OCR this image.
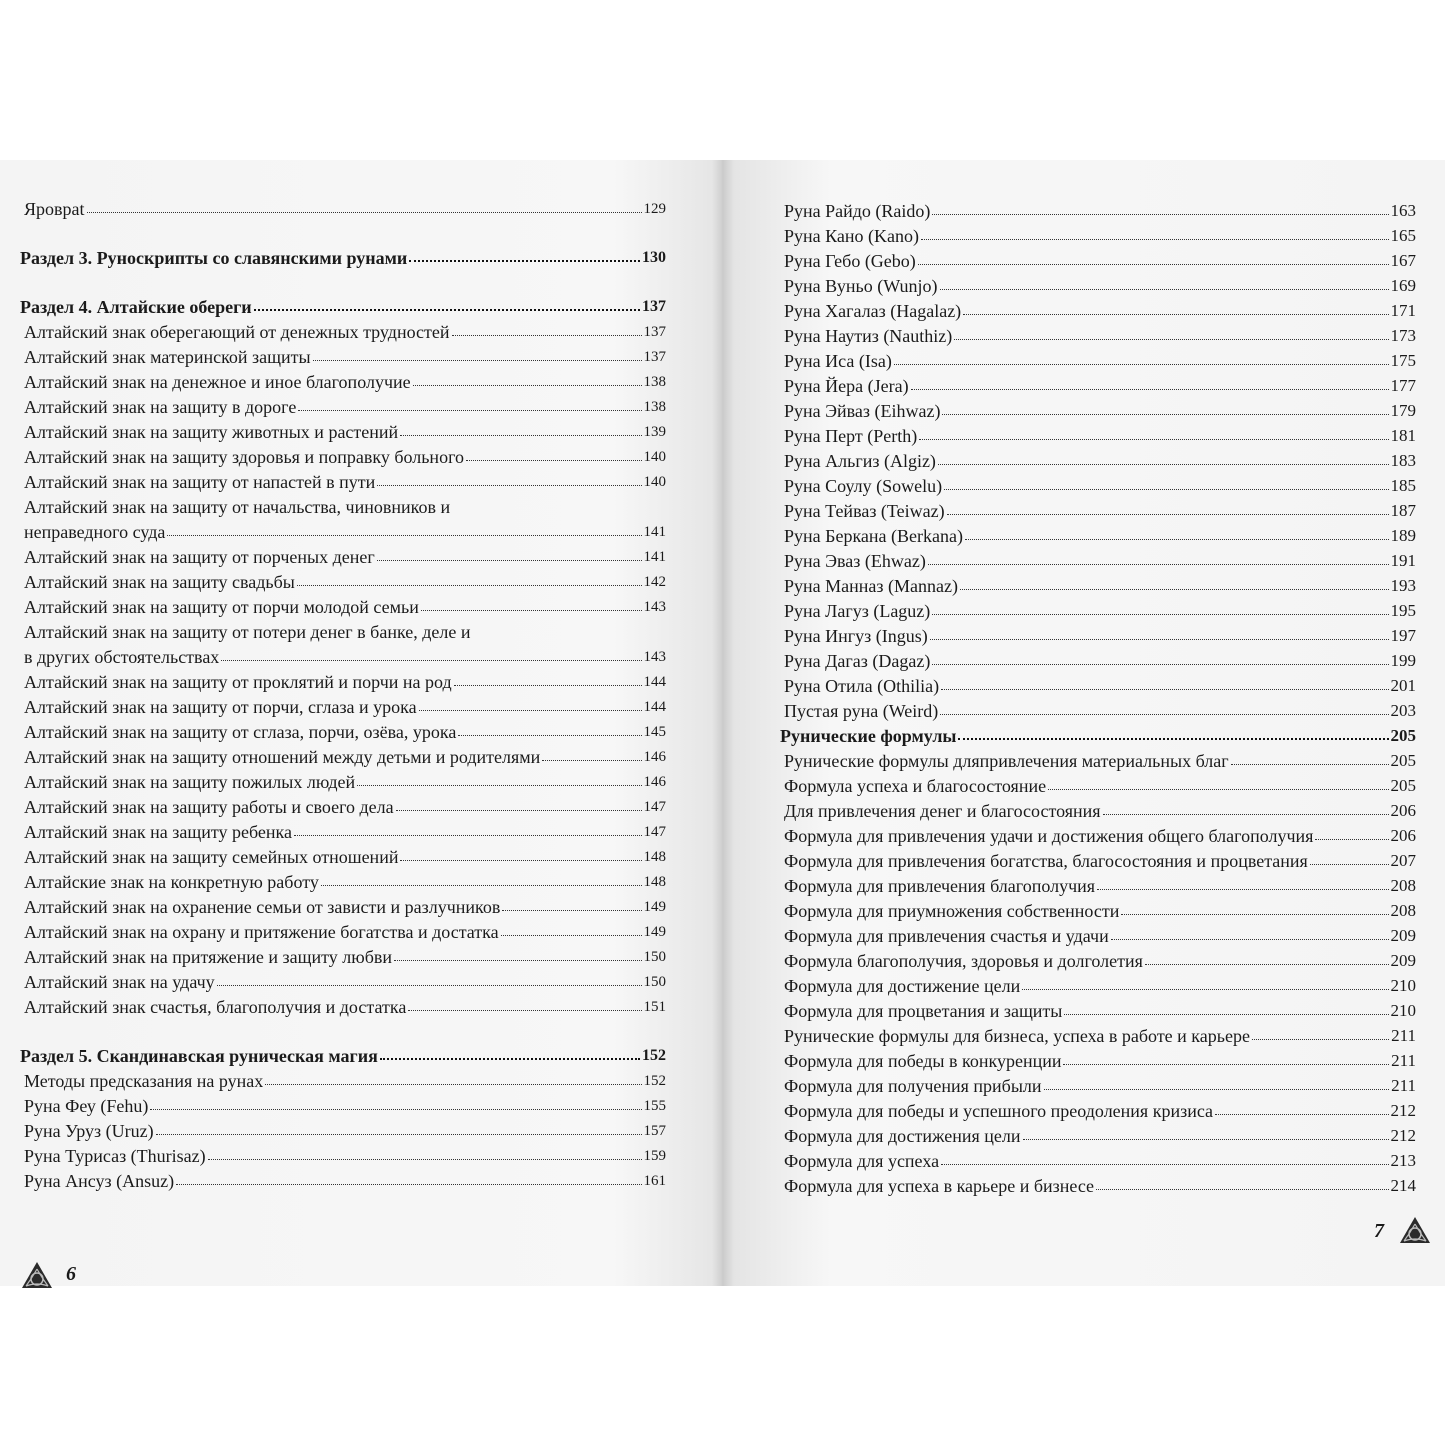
Яровраt	129
Раздел 3. Руноскрипты со славянскими рунами	130
Раздел 4. Алтайские обереги	137
Алтайский знак оберегающий от денежных трудностей	137
Алтайский знак материнской защиты	137
Алтайский знак на денежное и иное благополучие	138
Алтайский знак на защиту в дороге	138
Алтайский знак на защиту животных и растений	139
Алтайский знак на защиту здоровья и поправку больного	140
Алтайский знак на защиту от напастей в пути	140
Алтайский знак на защиту от начальства, чиновников и
неправедного суда	141
Алтайский знак на защиту от порченых денег	141
Алтайский знак на защиту свадьбы	142
Алтайский знак на защиту от порчи молодой семьи	143
Алтайский знак на защиту от потери денег в банке, деле и
в других обстоятельствах	143
Алтайский знак на защиту от проклятий и порчи на род	144
Алтайский знак на защиту от порчи, сглаза и урока	144
Алтайский знак на защиту от сглаза, порчи, озёва, урока	145
Алтайский знак на защиту отношений между детьми и родителями	146
Алтайский знак на защиту пожилых людей	146
Алтайский знак на защиту работы и своего дела	147
Алтайский знак на защиту ребенка	147
Алтайский знак на защиту семейных отношений	148
Алтайские знак на конкретную работу	148
Алтайский знак на охранение семьи от зависти и разлучников	149
Алтайский знак на охрану и притяжение богатства и достатка	149
Алтайский знак на притяжение и защиту любви	150
Алтайский знак на удачу	150
Алтайский знак счастья, благополучия и достатка	151
Раздел 5. Скандинавская руническая магия	152
Методы предсказания на рунах	152
Руна Феу (Fehu)	155
Руна Уруз (Uruz)	157
Руна Турисаз (Thurisaz)	159
Руна Ансуз (Ansuz)	161
6
Руна Райдо (Raido)	163
Руна Кано (Kano)	165
Руна Гебо (Gebo)	167
Руна Вуньо (Wunjo)	169
Руна Хагалаз (Hagalaz)	171
Руна Наутиз (Nauthiz)	173
Руна Иса (Isa)	175
Руна Йера (Jera)	177
Руна Эйваз (Eihwaz)	179
Руна Перт (Perth)	181
Руна Альгиз (Algiz)	183
Руна Соулу (Sowelu)	185
Руна Тейваз (Teiwaz)	187
Руна Беркана (Berkana)	189
Руна Эваз (Ehwaz)	191
Руна Манназ (Mannaz)	193
Руна Лагуз (Laguz)	195
Руна Ингуз (Ingus)	197
Руна Дагаз (Dagaz)	199
Руна Отила (Othilia)	201
Пустая руна (Weird)	203
Рунические формулы	205
Рунические формулы дляпривлечения материальных благ	205
Формула успеха и благосостояние	205
Для привлечения денег и благосостояния	206
Формула для привлечения удачи и достижения общего благополучия	206
Формула для привлечения богатства, благосостояния и процветания	207
Формула для привлечения благополучия	208
Формула для приумножения собственности	208
Формула для привлечения счастья и удачи	209
Формула благополучия, здоровья и долголетия	209
Формула для достижение цели	210
Формула для процветания и защиты	210
Рунические формулы для бизнеса, успеха в работе и карьере	211
Формула для победы в конкуренции	211
Формула для получения прибыли	211
Формула для победы и успешного преодоления кризиса	212
Формула для достижения цели	212
Формула для успеха	213
Формула для успеха в карьере и бизнесе	214
7
